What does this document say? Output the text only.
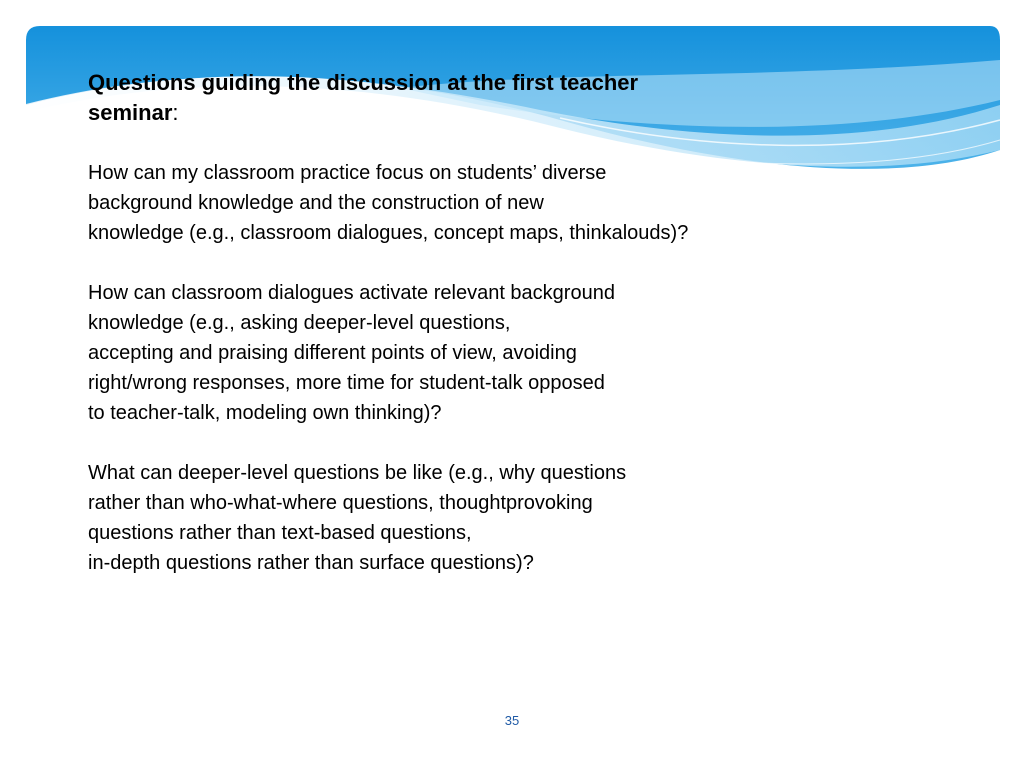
Questions guiding the discussion at the first teacher
seminar:

How can my classroom practice focus on students’ diverse
background knowledge and the construction of new
knowledge (e.g., classroom dialogues, concept maps, thinkalouds)?

How can classroom dialogues activate relevant background
knowledge (e.g., asking deeper-level questions,
accepting and praising different points of view, avoiding
right/wrong responses, more time for student-talk opposed
to teacher-talk, modeling own thinking)?

What can deeper-level questions be like (e.g., why questions
rather than who-what-where questions, thoughtprovoking
questions rather than text-based questions,
in-depth questions rather than surface questions)?

35
